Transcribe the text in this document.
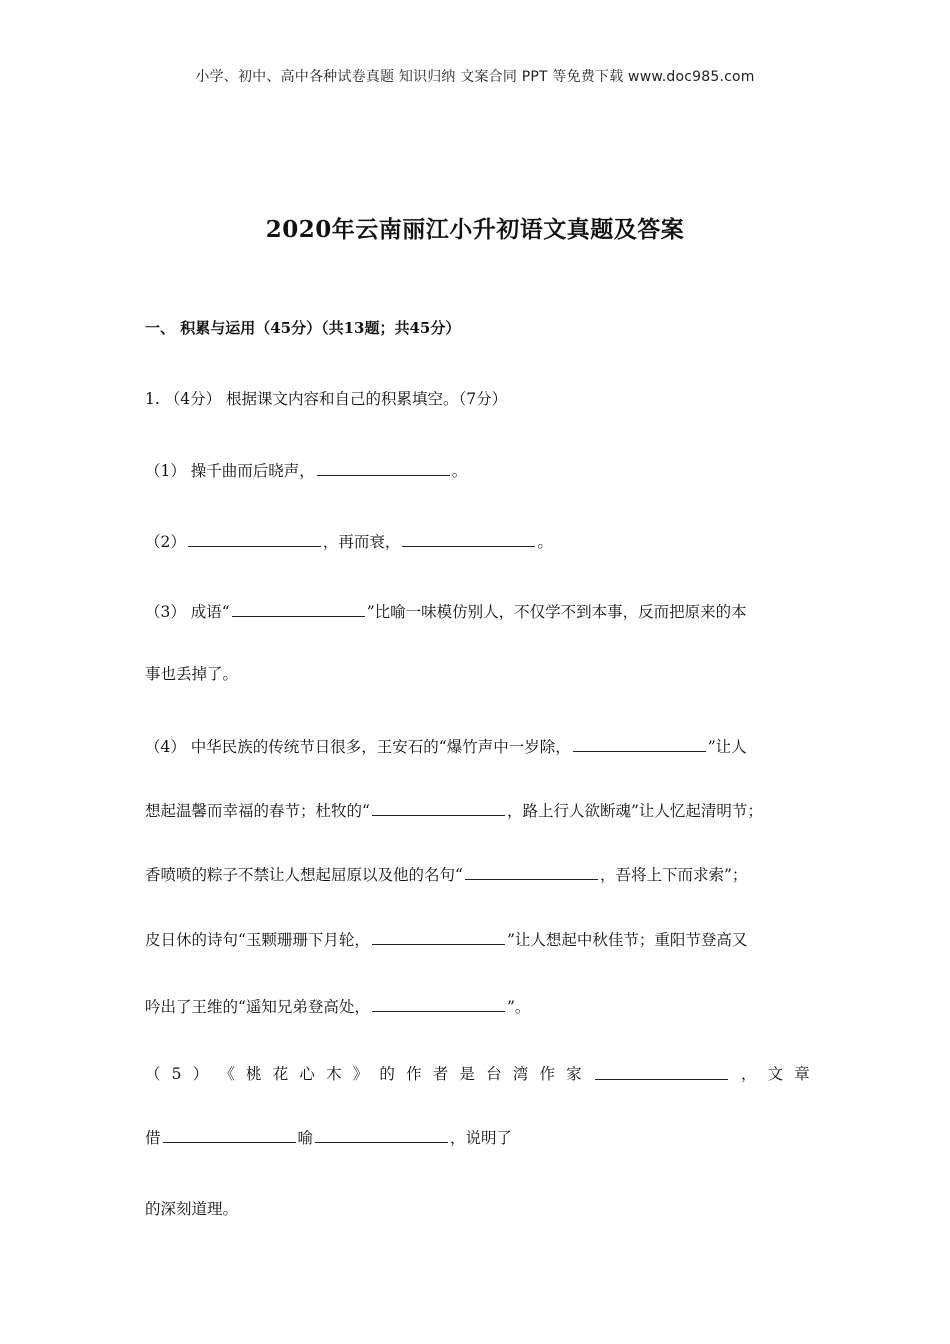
小学、初中、高中各种试卷真题 知识归纳 文案合同 PPT 等免费下载 www.doc985.com
2020年云南丽江小升初语文真题及答案
一、 积累与运用（45分）（共13题；共45分）
1. （4分） 根据课文内容和自己的积累填空。（7分）
（1） 操千曲而后晓声，	。
（2）	，再而衰，	。
（3） 成语“	”比喻一味模仿别人，不仅学不到本事，反而把原来的本
事也丢掉了。
（4） 中华民族的传统节日很多，王安石的“爆竹声中一岁除，	”让人
想起温馨而幸福的春节；杜牧的“	，路上行人欲断魂”让人忆起清明节；
香喷喷的粽子不禁让人想起屈原以及他的名句“	，吾将上下而求索”；
皮日休的诗句“玉颗珊珊下月轮，	”让人想起中秋佳节；重阳节登高又
吟出了王维的“遥知兄弟登高处，	”。
（ 5 ） 《 桃 花 心 木 》 的 作 者 是 台 湾 作 家	， 文 章
借	喻	，说明了
的深刻道理。
